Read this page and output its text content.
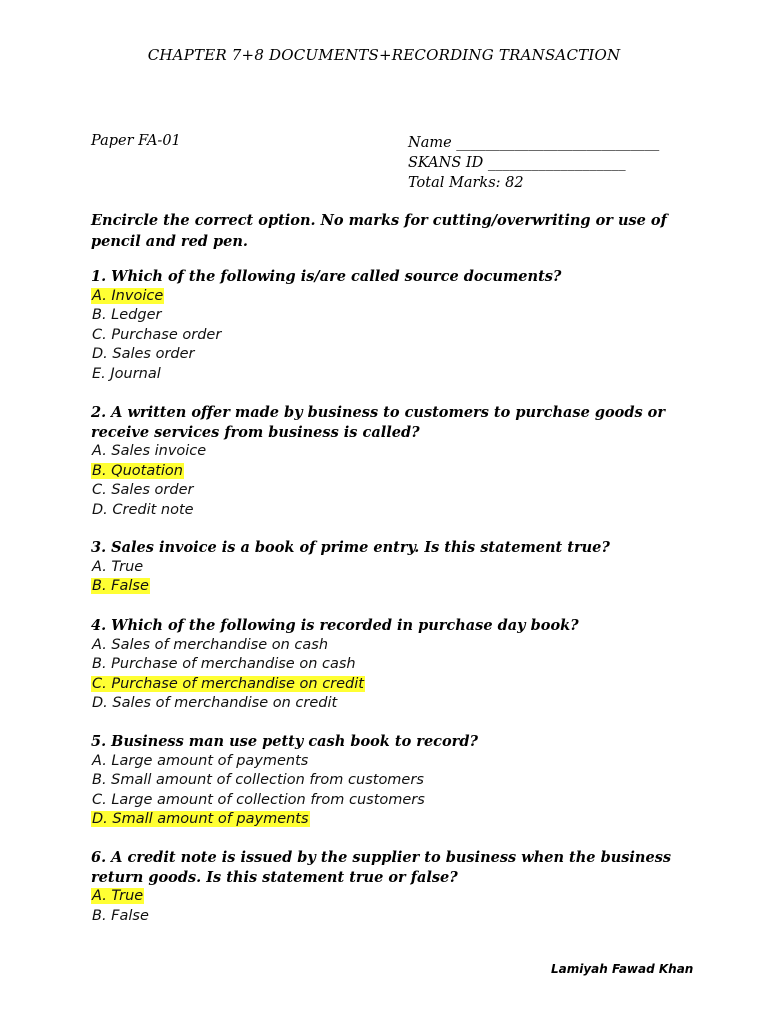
CHAPTER 7+8 DOCUMENTS+RECORDING TRANSACTION
Paper FA-01	Name ____________________________
SKANS ID ___________________
Total Marks: 82
Encircle the correct option. No marks for cutting/overwriting or use of pencil and red pen.
1. Which of the following is/are called source documents?
A. Invoice
B. Ledger
C. Purchase order
D. Sales order
E. Journal
2. A written offer made by business to customers to purchase goods or receive services from business is called?
A. Sales invoice
B. Quotation
C. Sales order
D. Credit note
3. Sales invoice is a book of prime entry. Is this statement true?
A. True
B. False
4. Which of the following is recorded in purchase day book?
A. Sales of merchandise on cash
B. Purchase of merchandise on cash
C. Purchase of merchandise on credit
D. Sales of merchandise on credit
5. Business man use petty cash book to record?
A. Large amount of payments
B. Small amount of collection from customers
C. Large amount of collection from customers
D. Small amount of payments
6. A credit note is issued by the supplier to business when the business return goods. Is this statement true or false?
A. True
B. False
Lamiyah Fawad Khan
